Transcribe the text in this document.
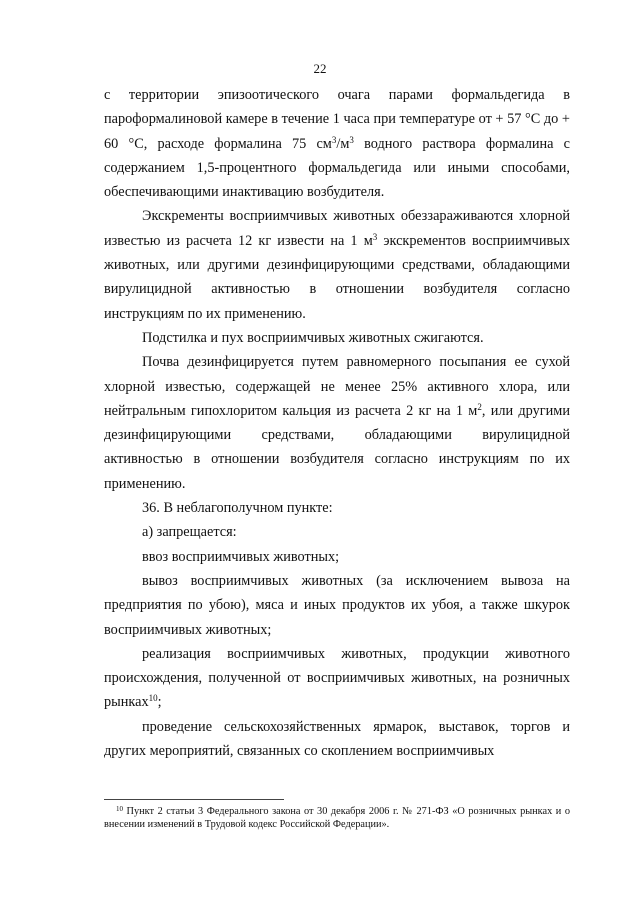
22

с территории эпизоотического очага парами формальдегида в пароформалиновой камере в течение 1 часа при температуре от + 57 °С до + 60 °С, расходе формалина 75 $см^3/м^3$ водного раствора формалина с содержанием 1,5-процентного формальдегида или иными способами, обеспечивающими инактивацию возбудителя.

Экскременты восприимчивых животных обеззараживаются хлорной известью из расчета 12 кг извести на 1 $м^3$ экскрементов восприимчивых животных, или другими дезинфицирующими средствами, обладающими вирулицидной активностью в отношении возбудителя согласно инструкциям по их применению.

Подстилка и пух восприимчивых животных сжигаются.

Почва дезинфицируется путем равномерного посыпания ее сухой хлорной известью, содержащей не менее 25% активного хлора, или нейтральным гипохлоритом кальция из расчета 2 кг на 1 $м^2$, или другими дезинфицирующими средствами, обладающими вирулицидной активностью в отношении возбудителя согласно инструкциям по их применению.

36. В неблагополучном пункте:

а) запрещается:

ввоз восприимчивых животных;

вывоз восприимчивых животных (за исключением вывоза на предприятия по убою), мяса и иных продуктов их убоя, а также шкурок восприимчивых животных;

реализация восприимчивых животных, продукции животного происхождения, полученной от восприимчивых животных, на розничных рынках$^{10}$;

проведение сельскохозяйственных ярмарок, выставок, торгов и других мероприятий, связанных со скоплением восприимчивых

$^{10}$ Пункт 2 статьи 3 Федерального закона от 30 декабря 2006 г. № 271-ФЗ «О розничных рынках и о внесении изменений в Трудовой кодекс Российской Федерации».
